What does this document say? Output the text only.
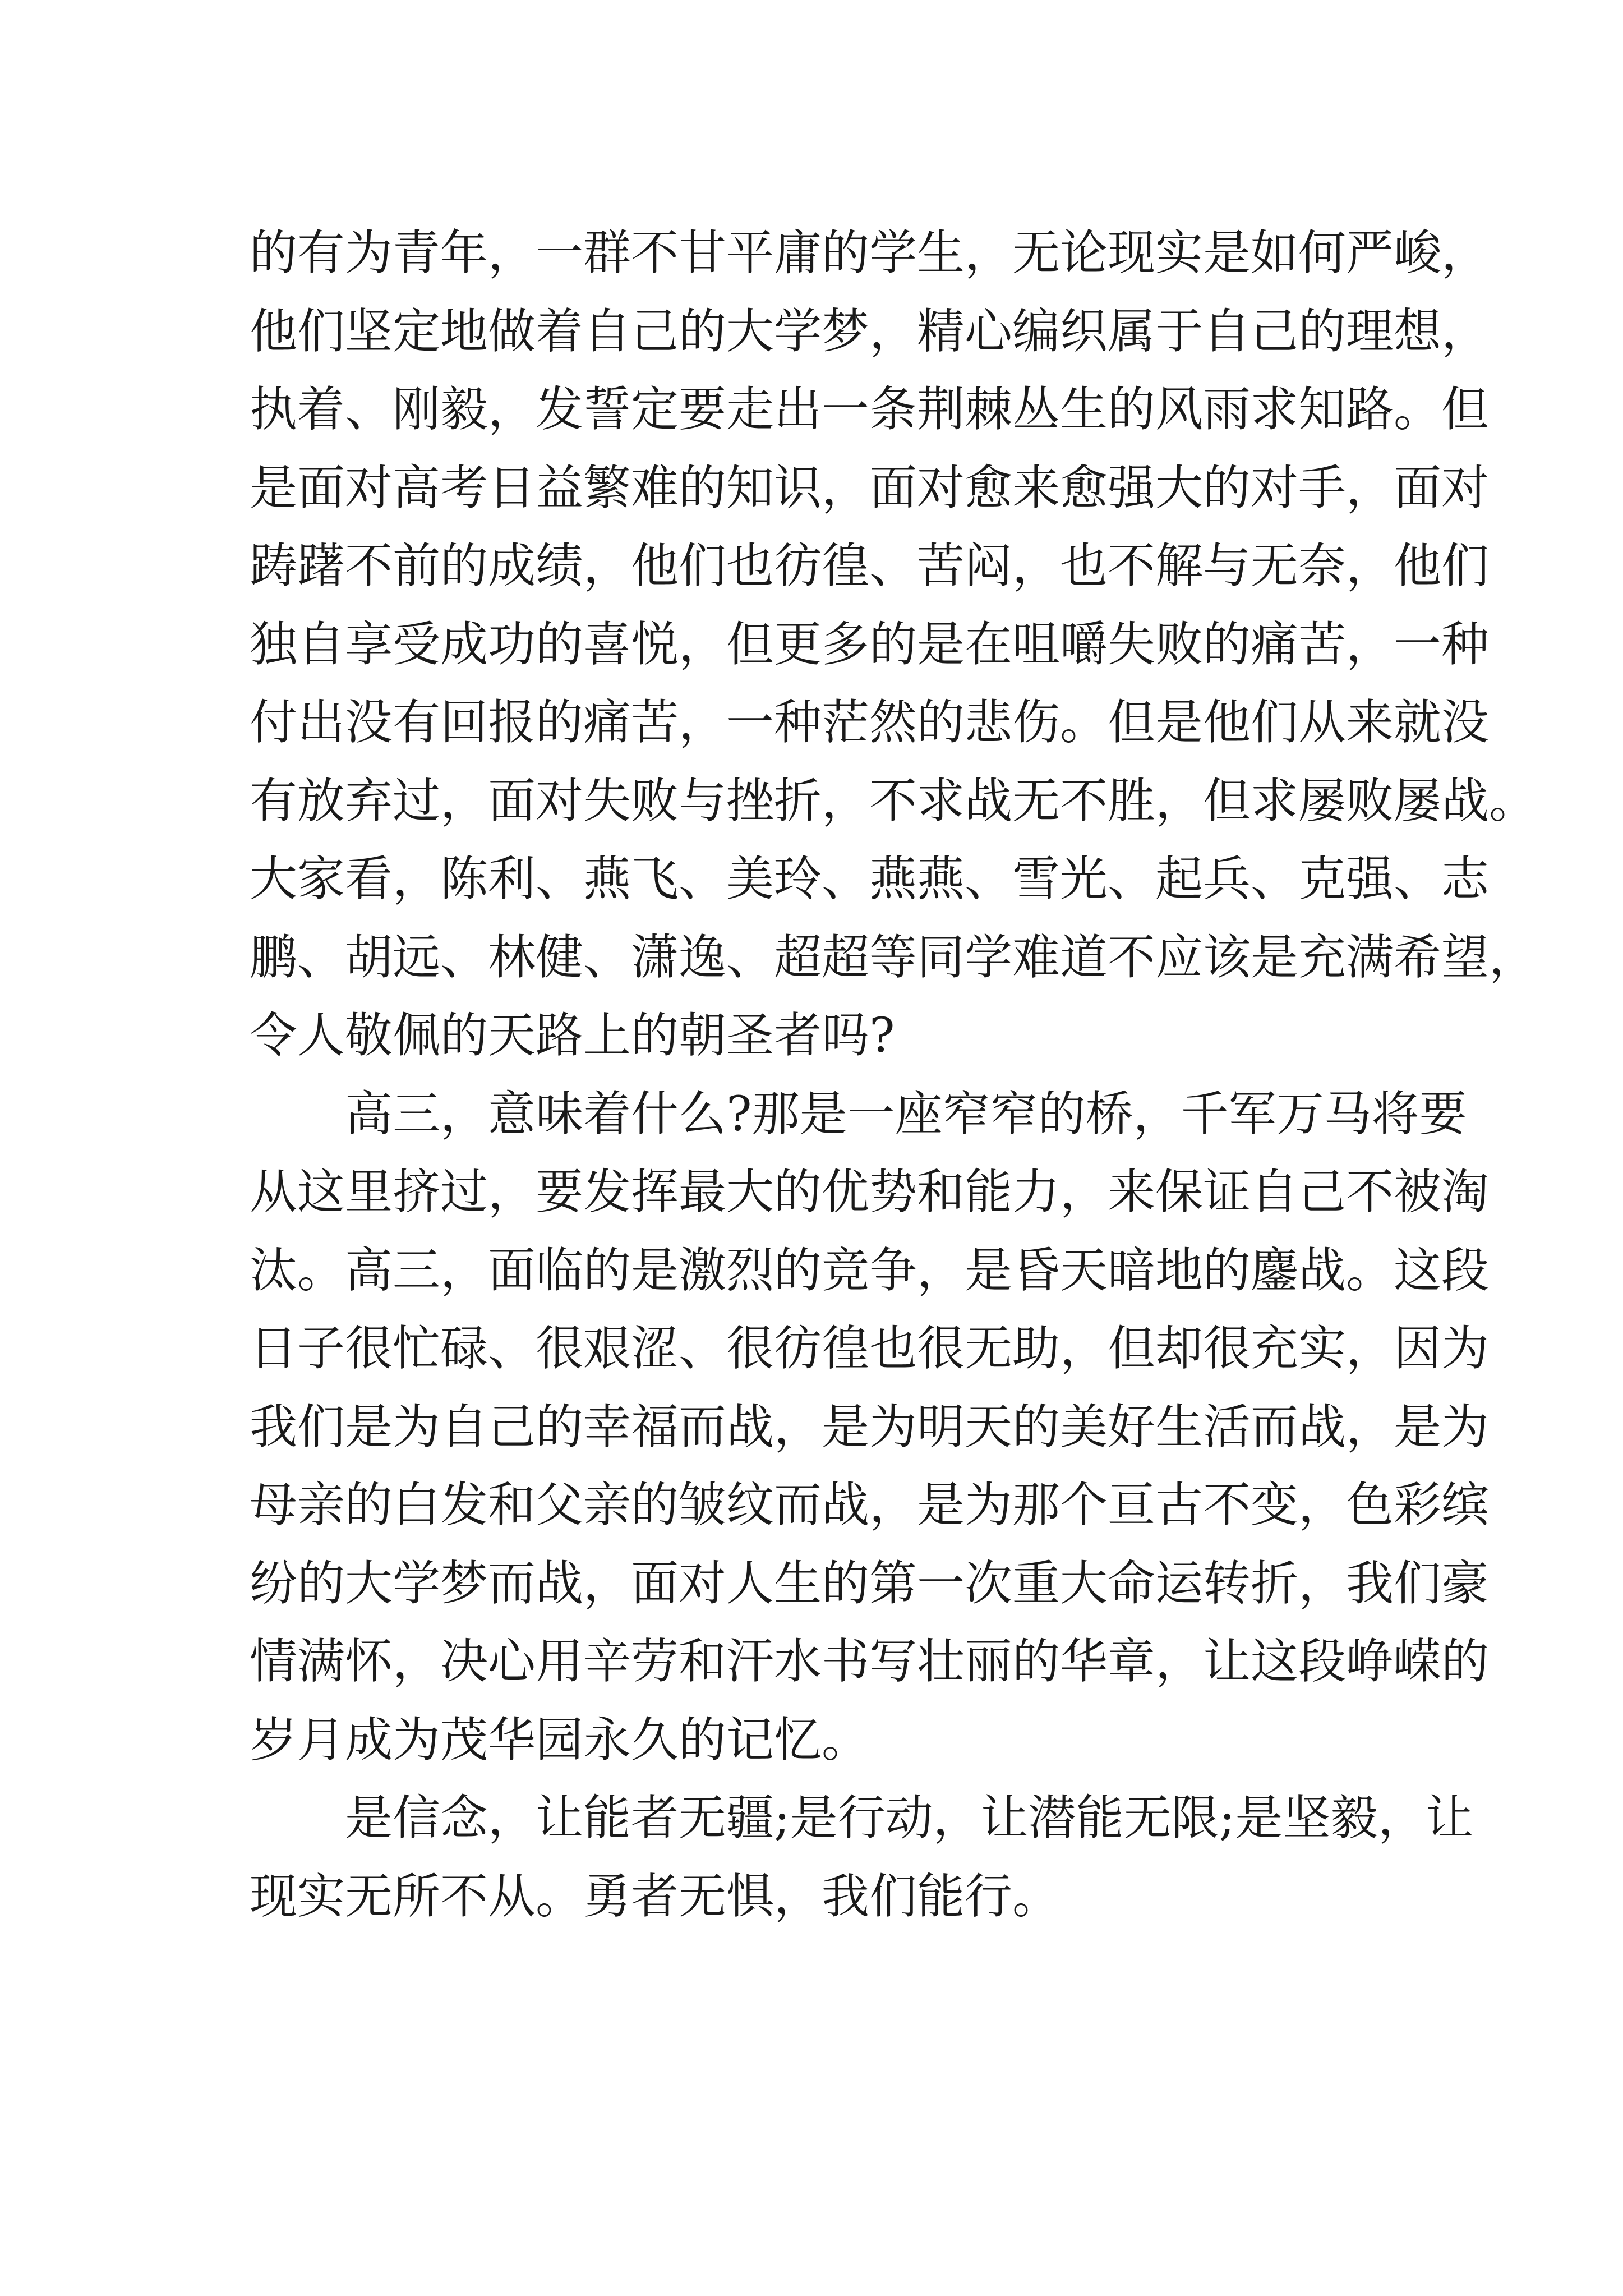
的有为青年，一群不甘平庸的学生，无论现实是如何严峻，
他们坚定地做着自己的大学梦，精心编织属于自己的理想，
执着、刚毅，发誓定要走出一条荆棘丛生的风雨求知路。但
是面对高考日益繁难的知识，面对愈来愈强大的对手，面对
踌躇不前的成绩，他们也彷徨、苦闷，也不解与无奈，他们
独自享受成功的喜悦，但更多的是在咀嚼失败的痛苦，一种
付出没有回报的痛苦，一种茫然的悲伤。但是他们从来就没
有放弃过，面对失败与挫折，不求战无不胜，但求屡败屡战。
大家看，陈利、燕飞、美玲、燕燕、雪光、起兵、克强、志
鹏、胡远、林健、潇逸、超超等同学难道不应该是充满希望，
令人敬佩的天路上的朝圣者吗?
高三，意味着什么?那是一座窄窄的桥，千军万马将要
从这里挤过，要发挥最大的优势和能力，来保证自己不被淘
汰。高三，面临的是激烈的竞争，是昏天暗地的鏖战。这段
日子很忙碌、很艰涩、很彷徨也很无助，但却很充实，因为
我们是为自己的幸福而战，是为明天的美好生活而战，是为
母亲的白发和父亲的皱纹而战，是为那个亘古不变，色彩缤
纷的大学梦而战，面对人生的第一次重大命运转折，我们豪
情满怀，决心用辛劳和汗水书写壮丽的华章，让这段峥嵘的
岁月成为茂华园永久的记忆。
是信念，让能者无疆;是行动，让潜能无限;是坚毅，让
现实无所不从。勇者无惧，我们能行。
